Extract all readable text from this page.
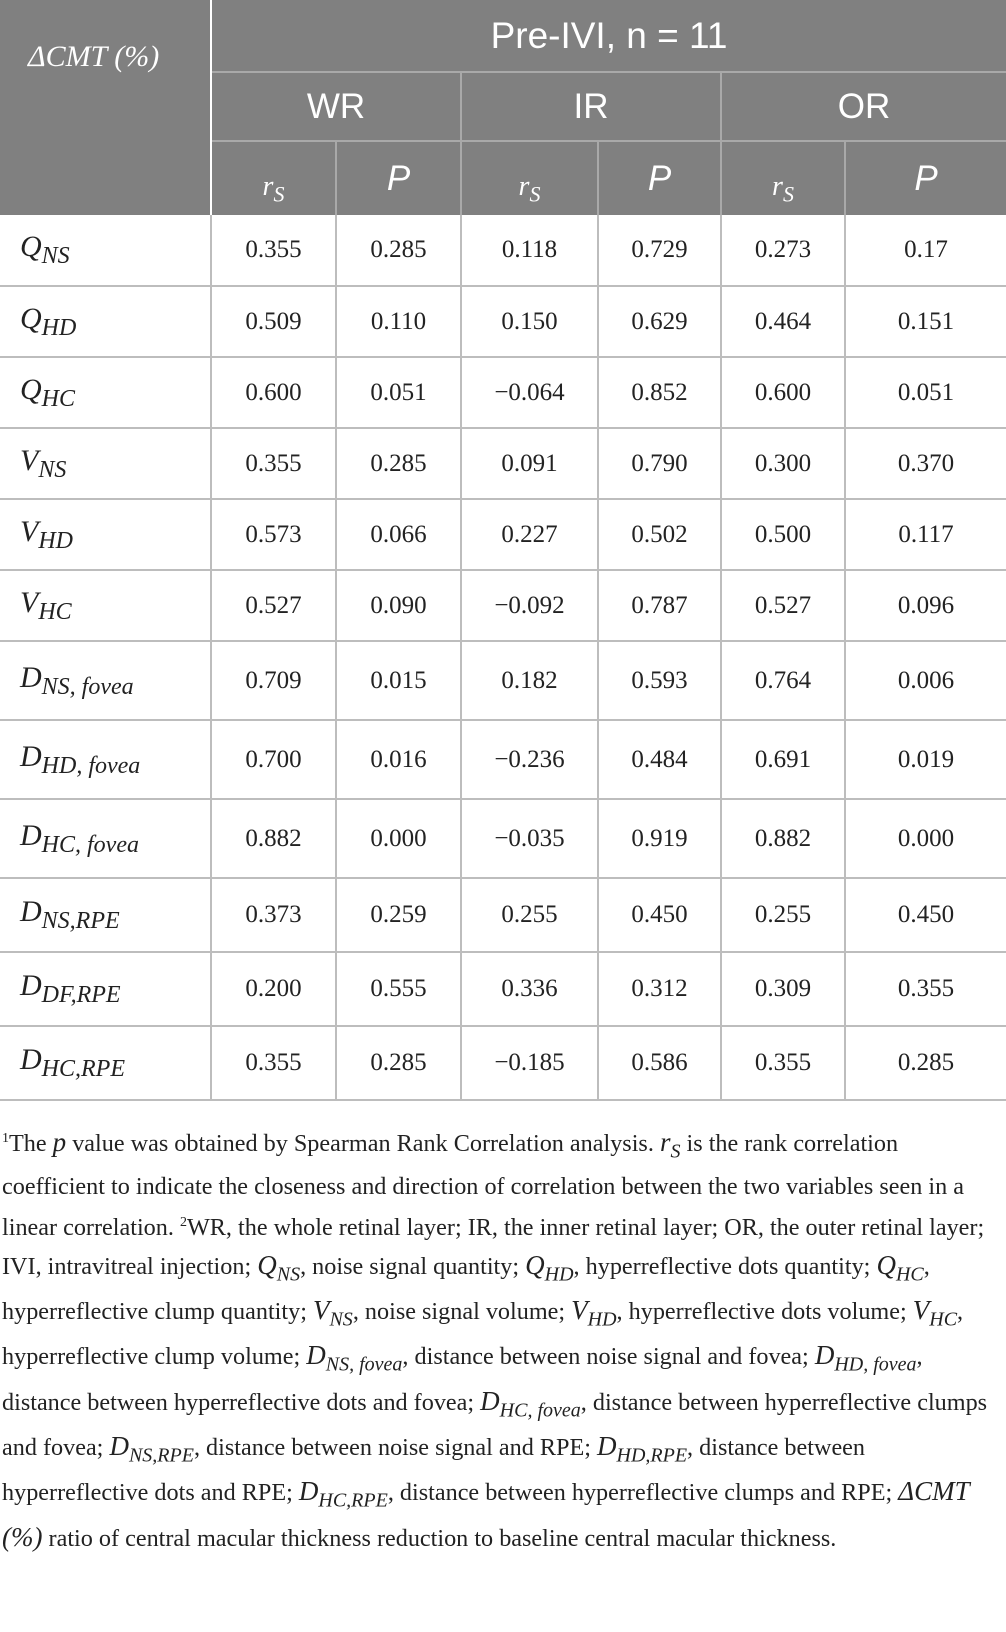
ΔCMT (%)	Pre-IVI, n = 11					
	WR		IR		OR	
	$r_S$	P	$r_S$	P	$r_S$	P
$Q_{NS}$	0.355	0.285	0.118	0.729	0.273	0.17
$Q_{HD}$	0.509	0.110	0.150	0.629	0.464	0.151
$Q_{HC}$	0.600	0.051	−0.064	0.852	0.600	0.051
$V_{NS}$	0.355	0.285	0.091	0.790	0.300	0.370
$V_{HD}$	0.573	0.066	0.227	0.502	0.500	0.117
$V_{HC}$	0.527	0.090	−0.092	0.787	0.527	0.096
$D_{NS, fovea}$	0.709	0.015	0.182	0.593	0.764	0.006
$D_{HD, fovea}$	0.700	0.016	−0.236	0.484	0.691	0.019
$D_{HC, fovea}$	0.882	0.000	−0.035	0.919	0.882	0.000
$D_{NS,RPE}$	0.373	0.259	0.255	0.450	0.255	0.450
$D_{DF,RPE}$	0.200	0.555	0.336	0.312	0.309	0.355
$D_{HC,RPE}$	0.355	0.285	−0.185	0.586	0.355	0.285

$^1$The p value was obtained by Spearman Rank Correlation analysis. $r_S$ is the rank correlation coefficient to indicate the closeness and direction of correlation between the two variables seen in a linear correlation. $^2$WR, the whole retinal layer; IR, the inner retinal layer; OR, the outer retinal layer; IVI, intravitreal injection; $Q_{NS}$, noise signal quantity; $Q_{HD}$, hyperreflective dots quantity; $Q_{HC}$, hyperreflective clump quantity; $V_{NS}$, noise signal volume; $V_{HD}$, hyperreflective dots volume; $V_{HC}$, hyperreflective clump volume; $D_{NS, fovea}$, distance between noise signal and fovea; $D_{HD, fovea}$, distance between hyperreflective dots and fovea; $D_{HC, fovea}$, distance between hyperreflective clumps and fovea; $D_{NS,RPE}$, distance between noise signal and RPE; $D_{HD,RPE}$, distance between hyperreflective dots and RPE; $D_{HC,RPE}$, distance between hyperreflective clumps and RPE; ΔCMT (%) ratio of central macular thickness reduction to baseline central macular thickness.
